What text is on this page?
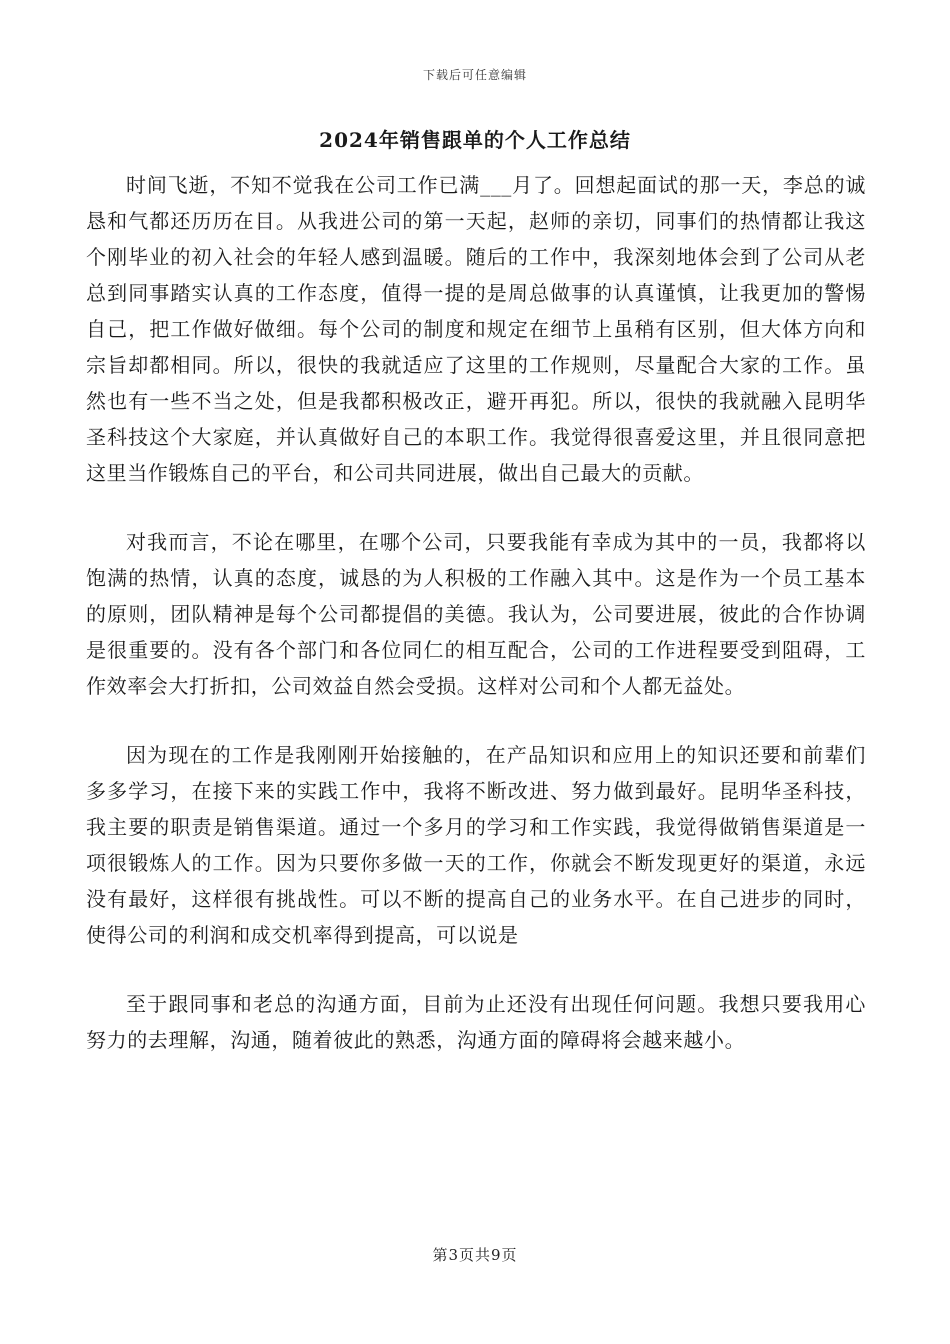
下载后可任意编辑
2024年销售跟单的个人工作总结

时间飞逝，不知不觉我在公司工作已满___月了。回想起面试的那一天，李总的诚恳和气都还历历在目。从我进公司的第一天起，赵师的亲切，同事们的热情都让我这个刚毕业的初入社会的年轻人感到温暖。随后的工作中，我深刻地体会到了公司从老总到同事踏实认真的工作态度，值得一提的是周总做事的认真谨慎，让我更加的警惕自己，把工作做好做细。每个公司的制度和规定在细节上虽稍有区别，但大体方向和宗旨却都相同。所以，很快的我就适应了这里的工作规则，尽量配合大家的工作。虽然也有一些不当之处，但是我都积极改正，避开再犯。所以，很快的我就融入昆明华圣科技这个大家庭，并认真做好自己的本职工作。我觉得很喜爱这里，并且很同意把这里当作锻炼自己的平台，和公司共同进展，做出自己最大的贡献。

对我而言，不论在哪里，在哪个公司，只要我能有幸成为其中的一员，我都将以饱满的热情，认真的态度，诚恳的为人积极的工作融入其中。这是作为一个员工基本的原则，团队精神是每个公司都提倡的美德。我认为，公司要进展，彼此的合作协调是很重要的。没有各个部门和各位同仁的相互配合，公司的工作进程要受到阻碍，工作效率会大打折扣，公司效益自然会受损。这样对公司和个人都无益处。

因为现在的工作是我刚刚开始接触的，在产品知识和应用上的知识还要和前辈们多多学习，在接下来的实践工作中，我将不断改进、努力做到最好。昆明华圣科技，我主要的职责是销售渠道。通过一个多月的学习和工作实践，我觉得做销售渠道是一项很锻炼人的工作。因为只要你多做一天的工作，你就会不断发现更好的渠道，永远没有最好，这样很有挑战性。可以不断的提高自己的业务水平。在自己进步的同时，使得公司的利润和成交机率得到提高，可以说是

至于跟同事和老总的沟通方面，目前为止还没有出现任何问题。我想只要我用心努力的去理解，沟通，随着彼此的熟悉，沟通方面的障碍将会越来越小。

第3页共9页
